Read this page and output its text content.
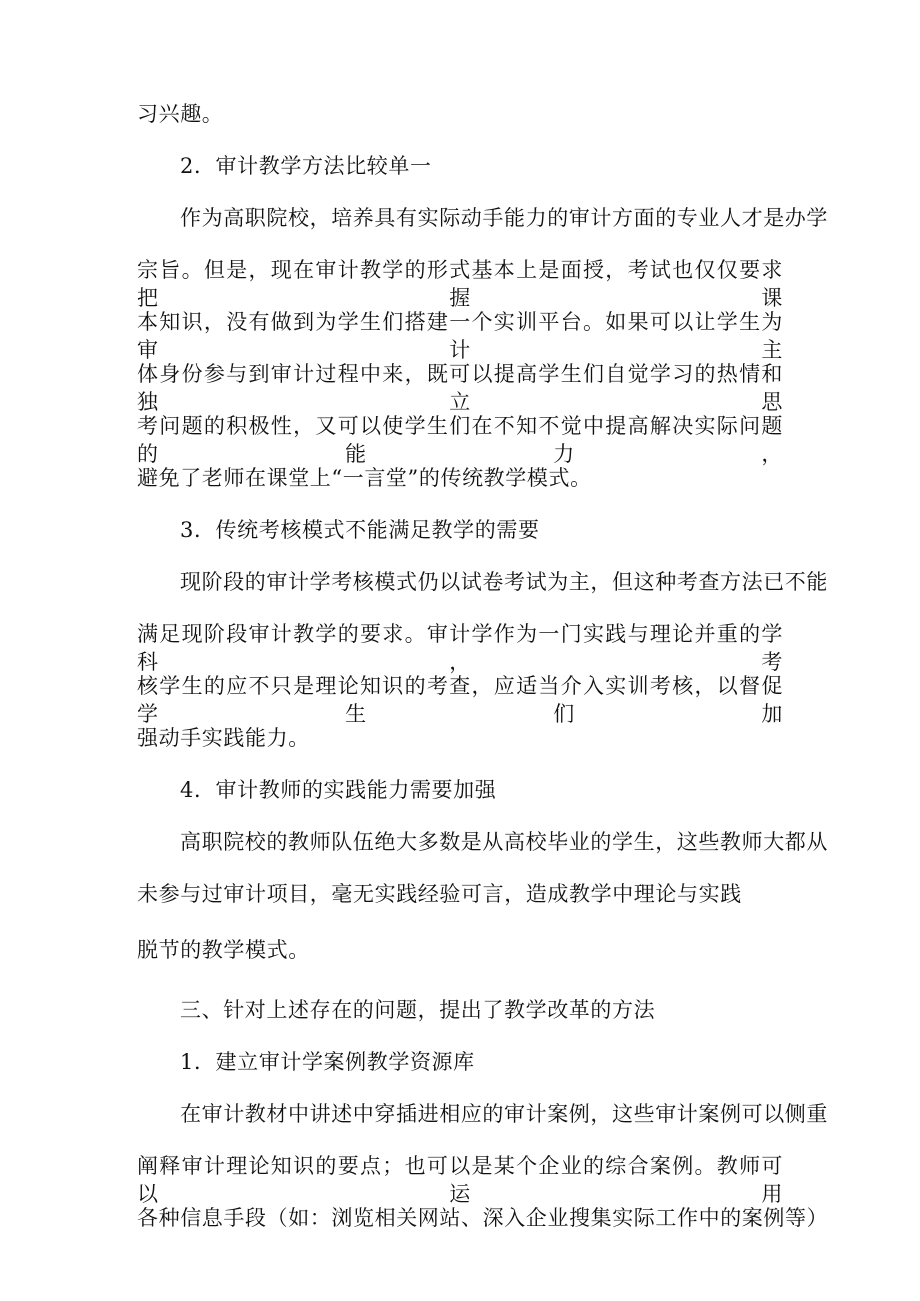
习兴趣。
2．审计教学方法比较单一
作为高职院校，培养具有实际动手能力的审计方面的专业人才是办学
宗旨。但是，现在审计教学的形式基本上是面授，考试也仅仅要求把握课
本知识，没有做到为学生们搭建一个实训平台。如果可以让学生为审计主
体身份参与到审计过程中来，既可以提高学生们自觉学习的热情和独立思
考问题的积极性，又可以使学生们在不知不觉中提高解决实际问题的能力，
避免了老师在课堂上“一言堂”的传统教学模式。
3．传统考核模式不能满足教学的需要
现阶段的审计学考核模式仍以试卷考试为主，但这种考查方法已不能
满足现阶段审计教学的要求。审计学作为一门实践与理论并重的学科，考
核学生的应不只是理论知识的考查，应适当介入实训考核，以督促学生们加
强动手实践能力。
4．审计教师的实践能力需要加强
高职院校的教师队伍绝大多数是从高校毕业的学生，这些教师大都从
未参与过审计项目，毫无实践经验可言，造成教学中理论与实践
脱节的教学模式。
三、针对上述存在的问题，提出了教学改革的方法
1．建立审计学案例教学资源库
在审计教材中讲述中穿插进相应的审计案例，这些审计案例可以侧重
阐释审计理论知识的要点；也可以是某个企业的综合案例。教师可以运用
各种信息手段（如：浏览相关网站、深入企业搜集实际工作中的案例等）
